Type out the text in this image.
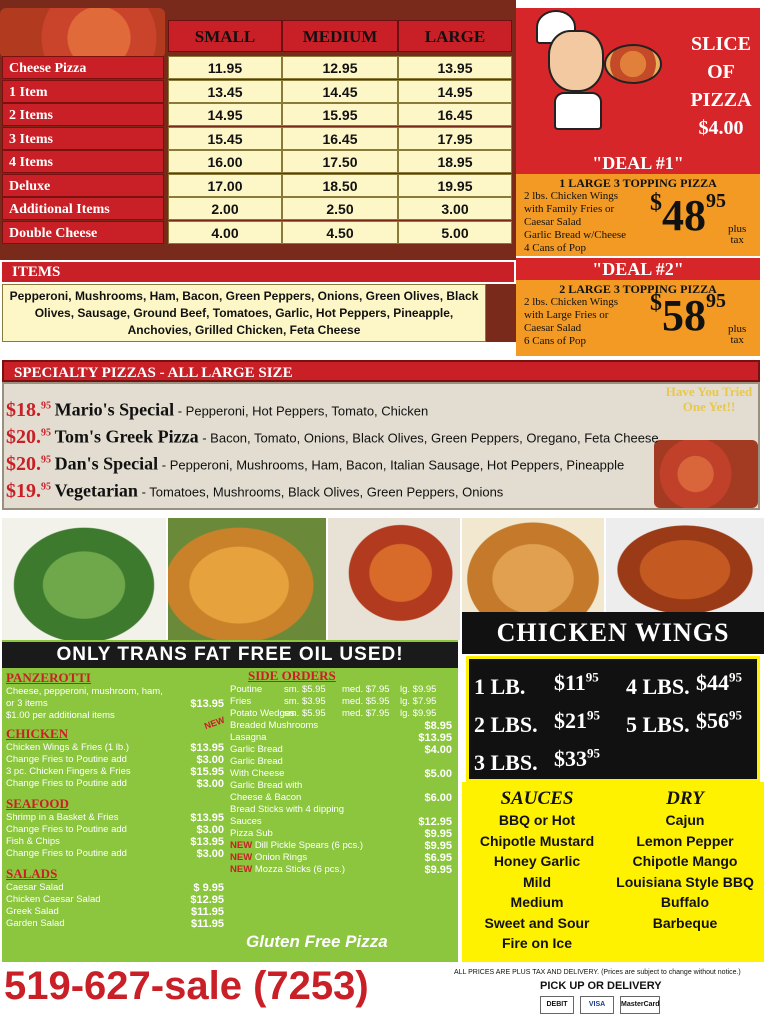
SMALL	MEDIUM	LARGE
Cheese Pizza	11.95	12.95	13.95
1 Item	13.45	14.45	14.95
2 Items	14.95	15.95	16.45
3 Items	15.45	16.45	17.95
4 Items	16.00	17.50	18.95
Deluxe	17.00	18.50	19.95
Additional Items	2.00	2.50	3.00
Double Cheese	4.00	4.50	5.00
ITEMS
Pepperoni, Mushrooms, Ham, Bacon, Green Peppers, Onions, Green Olives, Black Olives, Sausage, Ground Beef, Tomatoes, Garlic, Hot Peppers, Pineapple, Anchovies, Grilled Chicken, Feta Cheese
SLICE
OF
PIZZA
$4.00
"DEAL #1"
1 LARGE 3 TOPPING PIZZA
2 lbs. Chicken Wings
with Family Fries or
Caesar Salad
Garlic Bread w/Cheese
4 Cans of Pop
$4895
plus
tax
"DEAL #2"
2 LARGE 3 TOPPING PIZZA
2 lbs. Chicken Wings
with Large Fries or
Caesar Salad
6 Cans of Pop
$5895
plus
tax
SPECIALTY PIZZAS - ALL LARGE SIZE
Have You Tried One Yet!!
$18.95 Mario's Special - Pepperoni, Hot Peppers, Tomato, Chicken
$20.95 Tom's Greek Pizza - Bacon, Tomato, Onions, Black Olives, Green Peppers, Oregano, Feta Cheese
$20.95 Dan's Special - Pepperoni, Mushrooms, Ham, Bacon, Italian Sausage, Hot Peppers, Pineapple
$19.95 Vegetarian - Tomatoes, Mushrooms, Black Olives, Green Peppers, Onions
ONLY TRANS FAT FREE OIL USED!
PANZEROTTI
Cheese, pepperoni, mushroom, ham,
or 3 items	$13.95
$1.00 per additional items
CHICKEN
Chicken Wings & Fries (1 lb.)	$13.95
Change Fries to Poutine add	$3.00
3 pc. Chicken Fingers & Fries	$15.95
Change Fries to Poutine add	$3.00
SEAFOOD
Shrimp in a Basket & Fries	$13.95
Change Fries to Poutine add	$3.00
Fish & Chips	$13.95
Change Fries to Poutine add	$3.00
SALADS
Caesar Salad	$ 9.95
Chicken Caesar Salad	$12.95
Greek Salad	$11.95
Garden Salad	$11.95
SIDE ORDERS
Poutine sm. $5.95 med. $7.95 lg. $9.95
Fries	sm. $3.95 med. $5.95 lg. $7.95
Potato Wedges
sm. $5.95 med. $7.95 lg. $9.95
Breaded Mushrooms	$8.95
Lasagna	$13.95
Garlic Bread	$4.00
Garlic Bread
With Cheese	$5.00
Garlic Bread with
Cheese & Bacon	$6.00
Bread Sticks with 4 dipping
Sauces	$12.95
Pizza Sub	$9.95
NEW Dill Pickle Spears (6 pcs.)	$9.95
NEW Onion Rings	$6.95
NEW Mozza Sticks (6 pcs.)	$9.95
NEW
Gluten Free Pizza
CHICKEN WINGS
1 LB. $\$11^{95}$ 4 LBS. $\$44^{95}$
2 LBS. $\$21^{95}$ 5 LBS. $\$56^{95}$
3 LBS. $\$33^{95}$
SAUCES
BBQ or Hot
Chipotle Mustard
Honey Garlic
Mild
Medium
Sweet and Sour
Fire on Ice
DRY
Cajun
Lemon Pepper
Chipotle Mango
Louisiana Style BBQ
Buffalo
Barbeque
519-627-sale (7253)	ALL PRICES ARE PLUS TAX AND DELIVERY. (Prices are subject to change without notice.)
PICK UP OR DELIVERY
DEBIT	VISA	MasterCard
